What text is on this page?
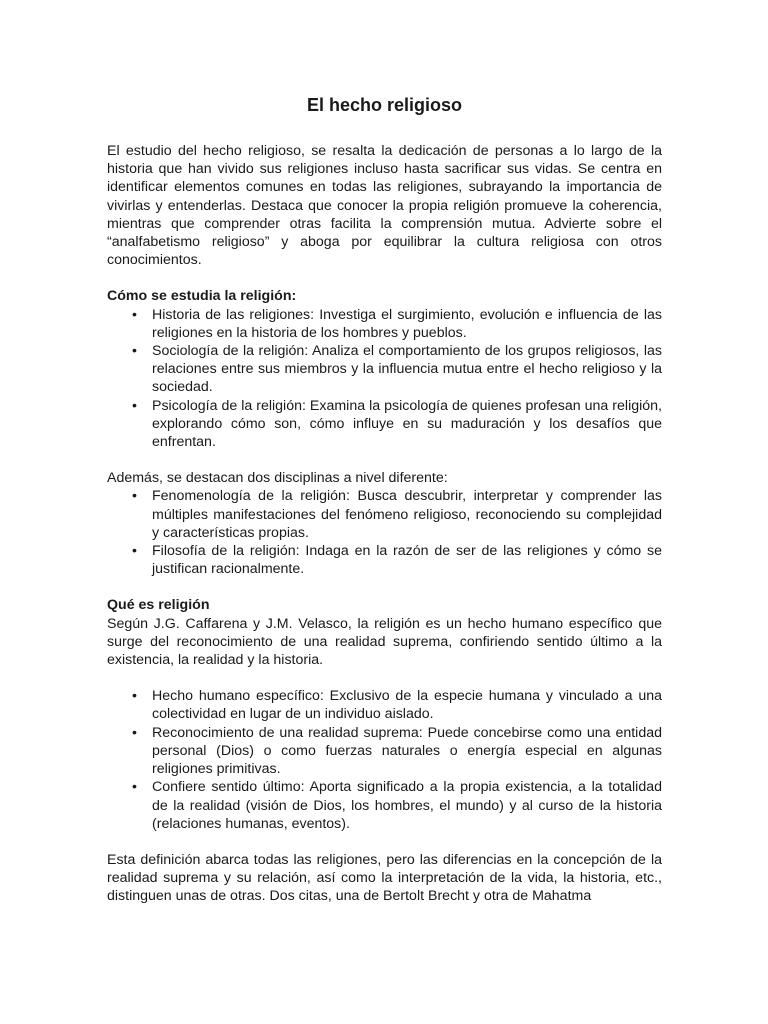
El hecho religioso

El estudio del hecho religioso, se resalta la dedicación de personas a lo largo de la historia que han vivido sus religiones incluso hasta sacrificar sus vidas. Se centra en identificar elementos comunes en todas las religiones, subrayando la importancia de vivirlas y entenderlas. Destaca que conocer la propia religión promueve la coherencia, mientras que comprender otras facilita la comprensión mutua. Advierte sobre el “analfabetismo religioso” y aboga por equilibrar la cultura religiosa con otros conocimientos.

Cómo se estudia la religión:
• Historia de las religiones: Investiga el surgimiento, evolución e influencia de las religiones en la historia de los hombres y pueblos.
• Sociología de la religión: Analiza el comportamiento de los grupos religiosos, las relaciones entre sus miembros y la influencia mutua entre el hecho religioso y la sociedad.
• Psicología de la religión: Examina la psicología de quienes profesan una religión, explorando cómo son, cómo influye en su maduración y los desafíos que enfrentan.

Además, se destacan dos disciplinas a nivel diferente:

• Fenomenología de la religión: Busca descubrir, interpretar y comprender las múltiples manifestaciones del fenómeno religioso, reconociendo su complejidad y características propias.
• Filosofía de la religión: Indaga en la razón de ser de las religiones y cómo se justifican racionalmente.
Qué es religión

Según J.G. Caffarena y J.M. Velasco, la religión es un hecho humano específico que surge del reconocimiento de una realidad suprema, confiriendo sentido último a la existencia, la realidad y la historia.

• Hecho humano específico: Exclusivo de la especie humana y vinculado a una colectividad en lugar de un individuo aislado.
• Reconocimiento de una realidad suprema: Puede concebirse como una entidad personal (Dios) o como fuerzas naturales o energía especial en algunas religiones primitivas.
• Confiere sentido último: Aporta significado a la propia existencia, a la totalidad de la realidad (visión de Dios, los hombres, el mundo) y al curso de la historia (relaciones humanas, eventos).

Esta definición abarca todas las religiones, pero las diferencias en la concepción de la realidad suprema y su relación, así como la interpretación de la vida, la historia, etc., distinguen unas de otras. Dos citas, una de Bertolt Brecht y otra de Mahatma
